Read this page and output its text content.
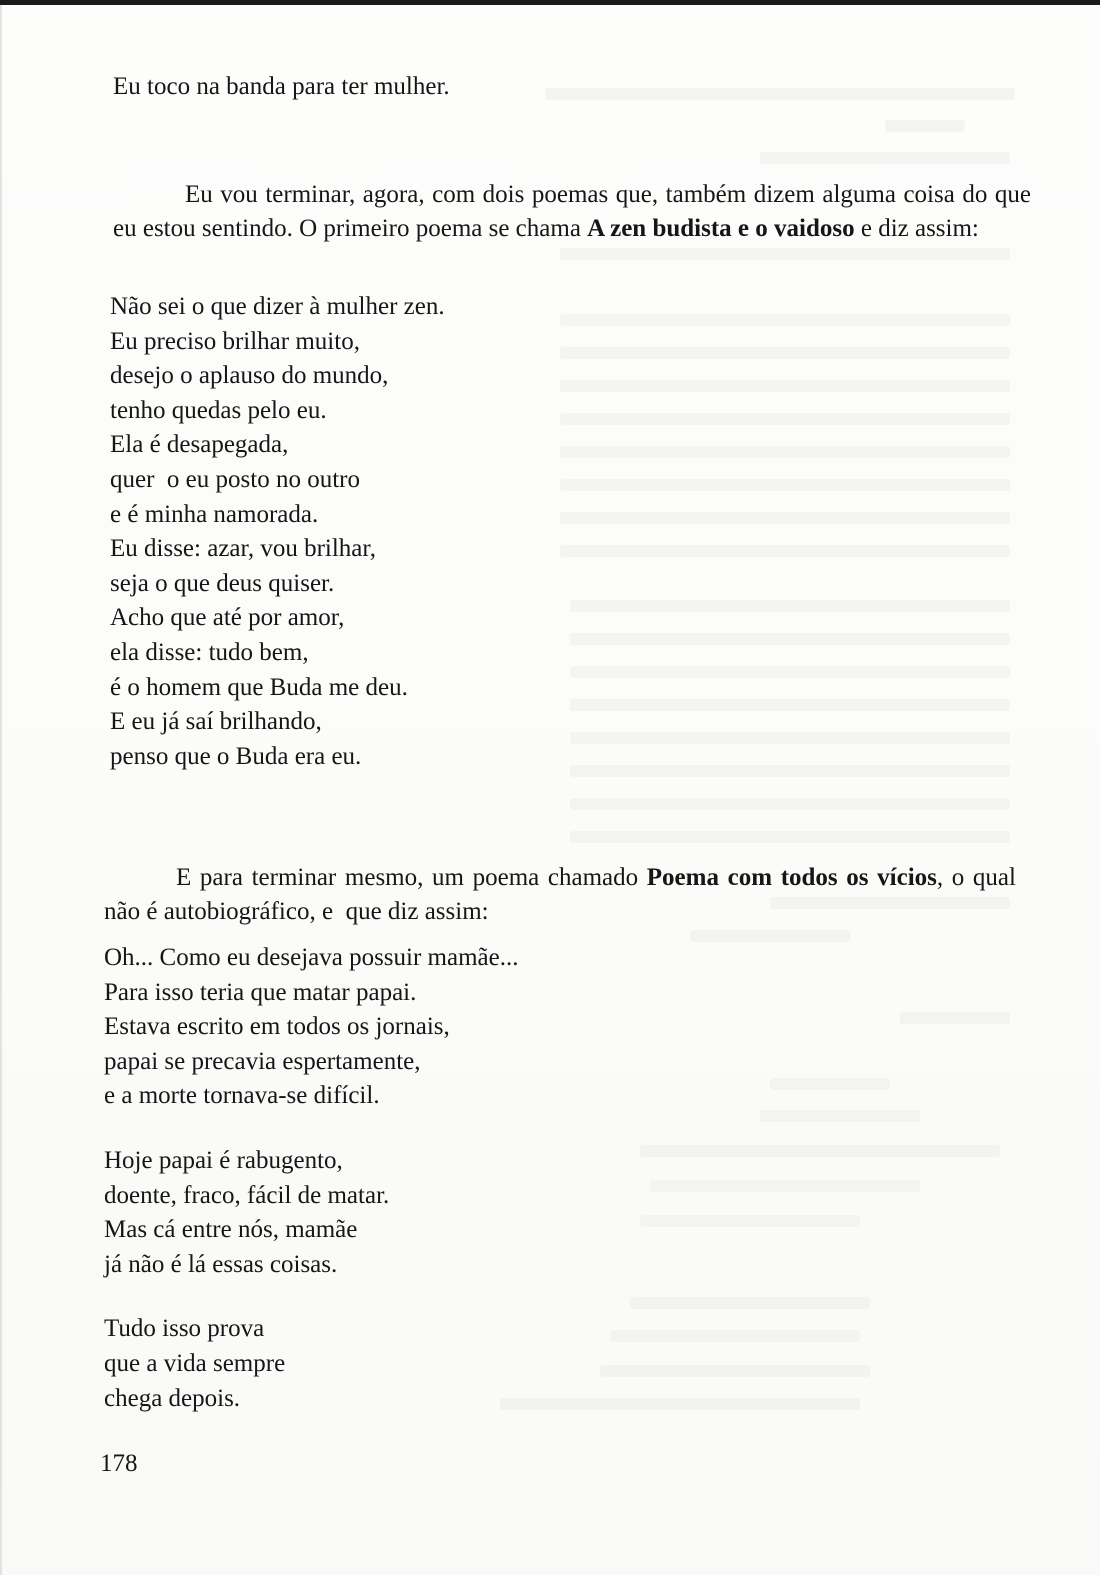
Eu toco na banda para ter mulher.

Eu vou terminar, agora, com dois poemas que, também dizem alguma coisa do que eu estou sentindo. O primeiro poema se chama A zen budista e o vaidoso e diz assim:

Não sei o que dizer à mulher zen.
Eu preciso brilhar muito,
desejo o aplauso do mundo,
tenho quedas pelo eu.
Ela é desapegada,
quer  o eu posto no outro
e é minha namorada.
Eu disse: azar, vou brilhar,
seja o que deus quiser.
Acho que até por amor,
ela disse: tudo bem,
é o homem que Buda me deu.
E eu já saí brilhando,
penso que o Buda era eu.

E para terminar mesmo, um poema chamado Poema com todos os vícios, o qual não é autobiográfico, e  que diz assim:

Oh... Como eu desejava possuir mamãe...
Para isso teria que matar papai.
Estava escrito em todos os jornais,
papai se precavia espertamente,
e a morte tornava-se difícil.
Hoje papai é rabugento,
doente, fraco, fácil de matar.
Mas cá entre nós, mamãe
já não é lá essas coisas.
Tudo isso prova
que a vida sempre
chega depois.

178
